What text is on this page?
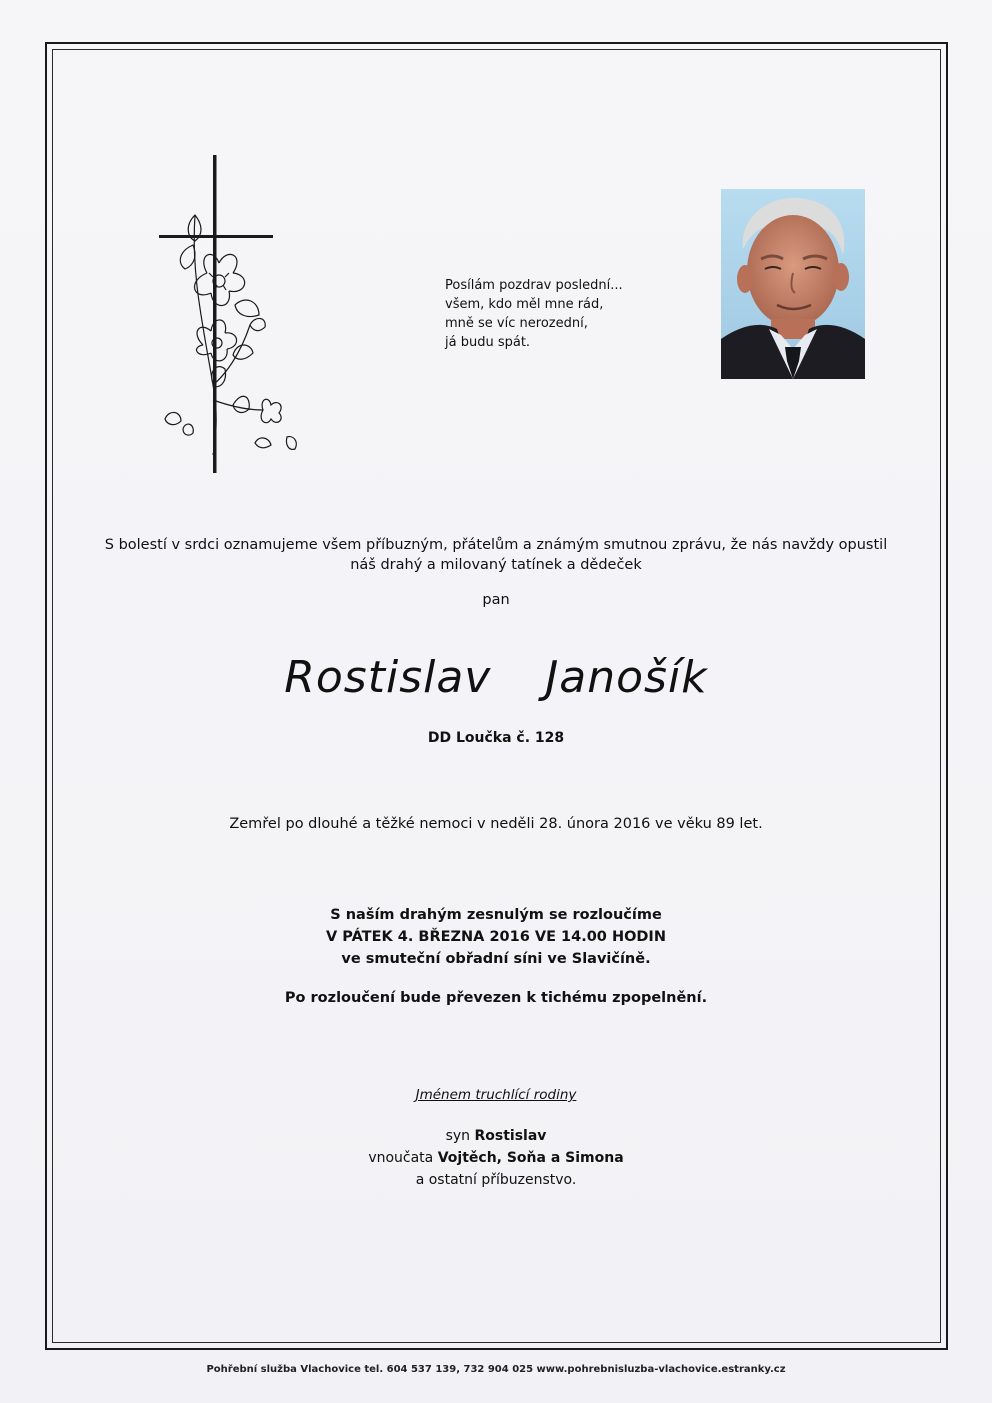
Posílám pozdrav poslední...
všem, kdo měl mne rád,
mně se víc nerozední,
já budu spát.
S bolestí v srdci oznamujeme všem příbuzným, přátelům a známým smutnou zprávu, že nás navždy opustil
náš drahý a milovaný tatínek a dědeček
pan
Rostislav  Janošík
DD Loučka č. 128
Zemřel po dlouhé a těžké nemoci v neděli 28. února 2016 ve věku 89 let.
S naším drahým zesnulým se rozloučíme
V PÁTEK 4. BŘEZNA 2016 VE 14.00 HODIN
ve smuteční obřadní síni ve Slavičíně.
Po rozloučení bude převezen k tichému zpopelnění.
Jménem truchlící rodiny
syn Rostislav
vnoučata Vojtěch, Soňa a Simona
a ostatní příbuzenstvo.
Pohřební služba Vlachovice tel. 604 537 139, 732 904 025 www.pohrebnisluzba-vlachovice.estranky.cz
